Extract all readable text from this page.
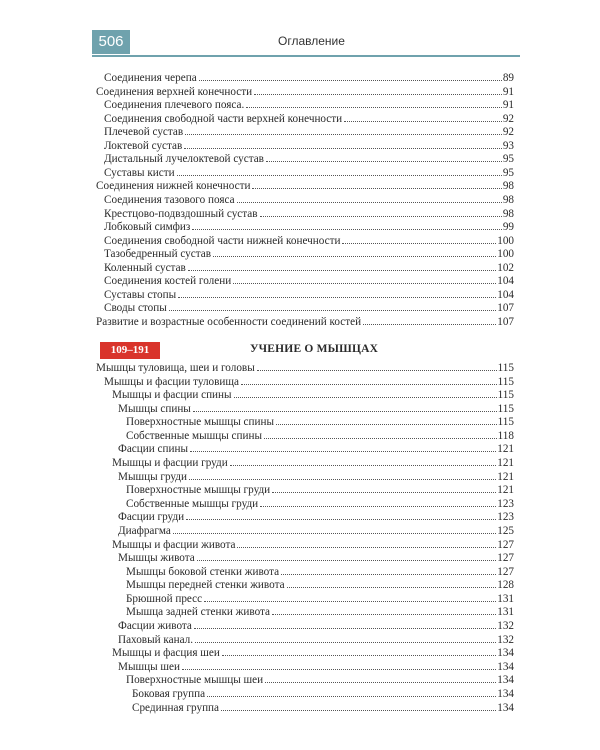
506	Оглавление
Соединения черепа	89
Соединения верхней конечности	91
Соединения плечевого пояса.	91
Соединения свободной части верхней конечности	92
Плечевой сустав	92
Локтевой сустав	93
Дистальный лучелоктевой сустав	95
Суставы кисти	95
Соединения нижней конечности	98
Соединения тазового пояса	98
Крестцово-подвздошный сустав	98
Лобковый симфиз	99
Соединения свободной части нижней конечности	100
Тазобедренный сустав	100
Коленный сустав	102
Соединения костей голени	104
Суставы стопы	104
Своды стопы	107
Развитие и возрастные особенности соединений костей	107
109–191	УЧЕНИЕ О МЫШЦАХ
Мышцы туловища, шеи и головы	115
Мышцы и фасции туловища	115
Мышцы и фасции спины	115
Мышцы спины	115
Поверхностные мышцы спины	115
Собственные мышцы спины	118
Фасции спины	121
Мышцы и фасции груди	121
Мышцы груди	121
Поверхностные мышцы груди	121
Собственные мышцы груди	123
Фасции груди	123
Диафрагма	125
Мышцы и фасции живота	127
Мышцы живота	127
Мышцы боковой стенки живота	127
Мышцы передней стенки живота	128
Брюшной пресс	131
Мышца задней стенки живота	131
Фасции живота	132
Паховый канал.	132
Мышцы и фасция шеи	134
Мышцы шеи	134
Поверхностные мышцы шеи	134
Боковая группа	134
Срединная группа	134
